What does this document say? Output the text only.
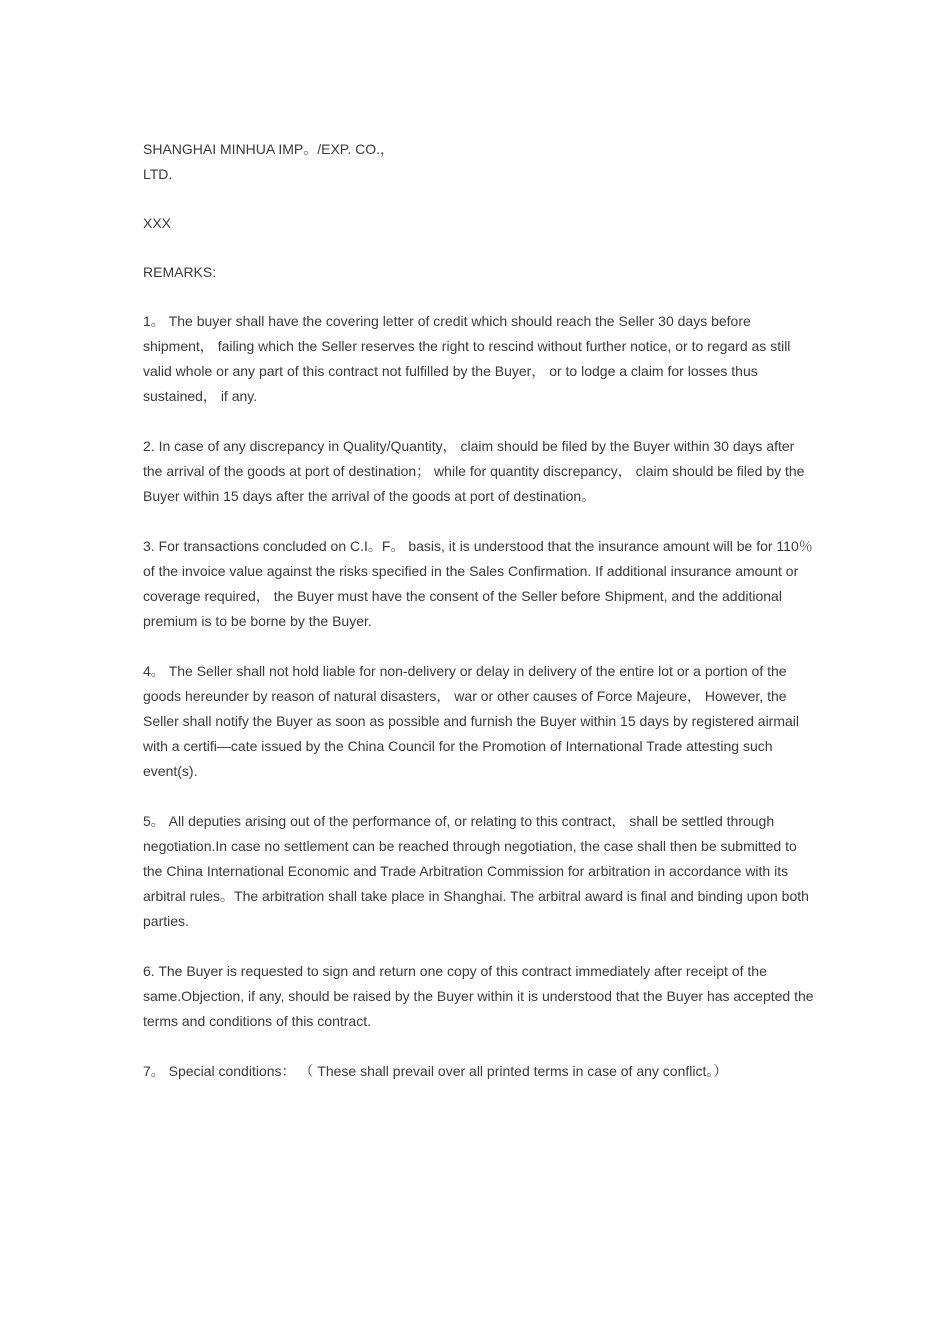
SHANGHAI MINHUA IMP。/EXP. CO.，

LTD.

XXX

REMARKS:

1。 The buyer shall have the covering letter of credit which should reach the Seller 30 days before shipment， failing which the Seller reserves the right to rescind without further notice, or to regard as still valid whole or any part of this contract not fulfilled by the Buyer， or to lodge a claim for losses thus sustained， if any.

2. In case of any discrepancy in Quality/Quantity， claim should be filed by the Buyer within 30 days after the arrival of the goods at port of destination； while for quantity discrepancy， claim should be filed by the Buyer within 15 days after the arrival of the goods at port of destination。

3. For transactions concluded on C.I。F。 basis, it is understood that the insurance amount will be for 110％ of the invoice value against the risks specified in the Sales Confirmation. If additional insurance amount or coverage required， the Buyer must have the consent of the Seller before Shipment, and the additional premium is to be borne by the Buyer.

4。 The Seller shall not hold liable for non-delivery or delay in delivery of the entire lot or a portion of the goods hereunder by reason of natural disasters， war or other causes of Force Majeure， However, the Seller shall notify the Buyer as soon as possible and furnish the Buyer within 15 days by registered airmail with a certifi—cate issued by the China Council for the Promotion of International Trade attesting such event(s).

5。 All deputies arising out of the performance of, or relating to this contract， shall be settled through negotiation.In case no settlement can be reached through negotiation, the case shall then be submitted to the China International Economic and Trade Arbitration Commission for arbitration in accordance with its arbitral rules。The arbitration shall take place in Shanghai. The arbitral award is final and binding upon both parties.

6. The Buyer is requested to sign and return one copy of this contract immediately after receipt of the same.Objection, if any, should be raised by the Buyer within it is understood that the Buyer has accepted the terms and conditions of this contract.

7。 Special conditions： （ These shall prevail over all printed terms in case of any conflict。）
